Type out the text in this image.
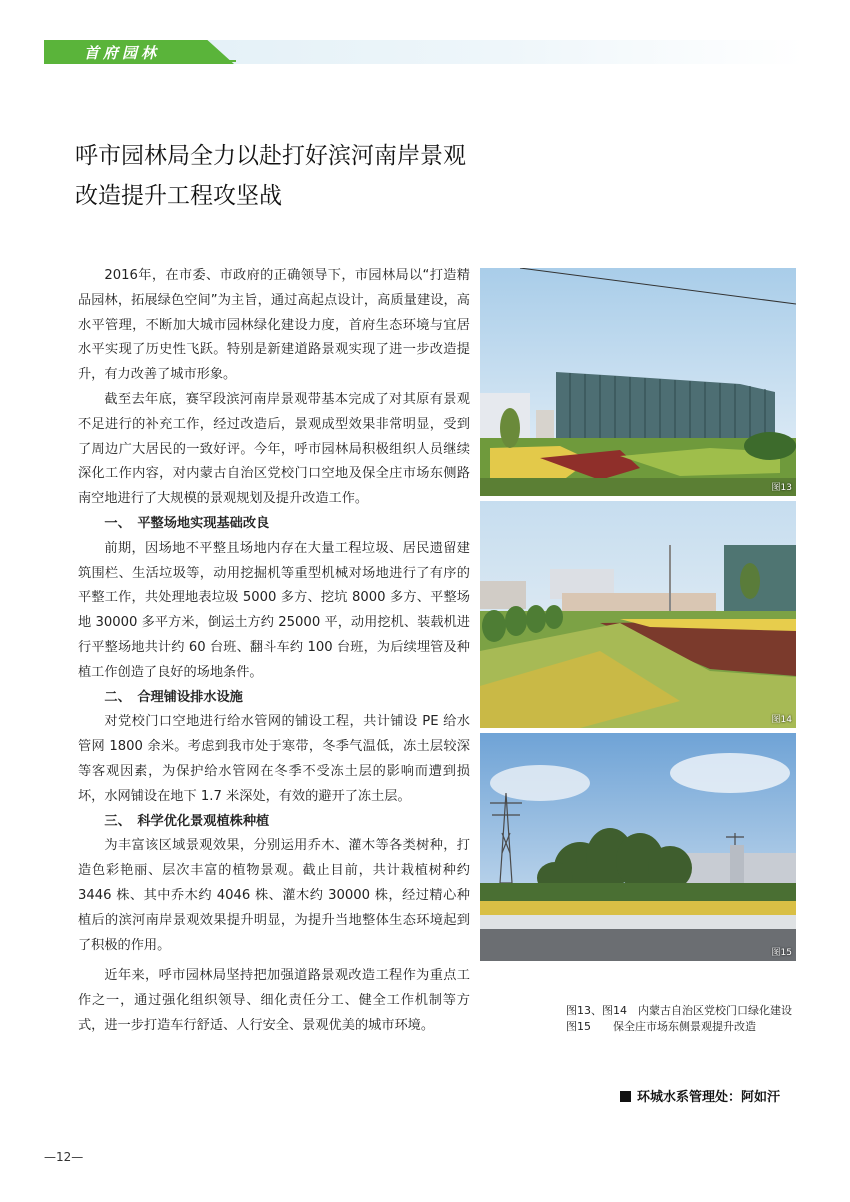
首府园林
呼市园林局全力以赴打好滨河南岸景观
改造提升工程攻坚战

2016年，在市委、市政府的正确领导下，市园林局以“打造精品园林，拓展绿色空间”为主旨，通过高起点设计，高质量建设，高水平管理，不断加大城市园林绿化建设力度，首府生态环境与宜居水平实现了历史性飞跃。特别是新建道路景观实现了进一步改造提升，有力改善了城市形象。

截至去年底，赛罕段滨河南岸景观带基本完成了对其原有景观不足进行的补充工作，经过改造后，景观成型效果非常明显，受到了周边广大居民的一致好评。今年，呼市园林局积极组织人员继续深化工作内容，对内蒙古自治区党校门口空地及保全庄市场东侧路南空地进行了大规模的景观规划及提升改造工作。

一、　平整场地实现基础改良

前期，因场地不平整且场地内存在大量工程垃圾、居民遗留建筑围栏、生活垃圾等，动用挖掘机等重型机械对场地进行了有序的平整工作，共处理地表垃圾 5000 多方、挖坑 8000 多方、平整场地 30000 多平方米，倒运土方约 25000 平，动用挖机、装载机进行平整场地共计约 60 台班、翻斗车约 100 台班，为后续埋管及种植工作创造了良好的场地条件。

二、　合理铺设排水设施

对党校门口空地进行给水管网的铺设工程，共计铺设 PE 给水管网 1800 余米。考虑到我市处于寒带，冬季气温低，冻土层较深等客观因素，为保护给水管网在冬季不受冻土层的影响而遭到损坏，水网铺设在地下 1.7 米深处，有效的避开了冻土层。

三、　科学优化景观植株种植

为丰富该区域景观效果，分别运用乔木、灌木等各类树种，打造色彩艳丽、层次丰富的植物景观。截止目前，共计栽植树种约 3446 株、其中乔木约 4046 株、灌木约 30000 株，经过精心种植后的滨河南岸景观效果提升明显，为提升当地整体生态环境起到了积极的作用。

近年来，呼市园林局坚持把加强道路景观改造工程作为重点工作之一，通过强化组织领导、细化责任分工、健全工作机制等方式，进一步打造车行舒适、人行安全、景观优美的城市环境。

图13
图14
图15
图13、图14　内蒙古自治区党校门口绿化建设
图15　　保全庄市场东侧景观提升改造
环城水系管理处：阿如汗
—12—
